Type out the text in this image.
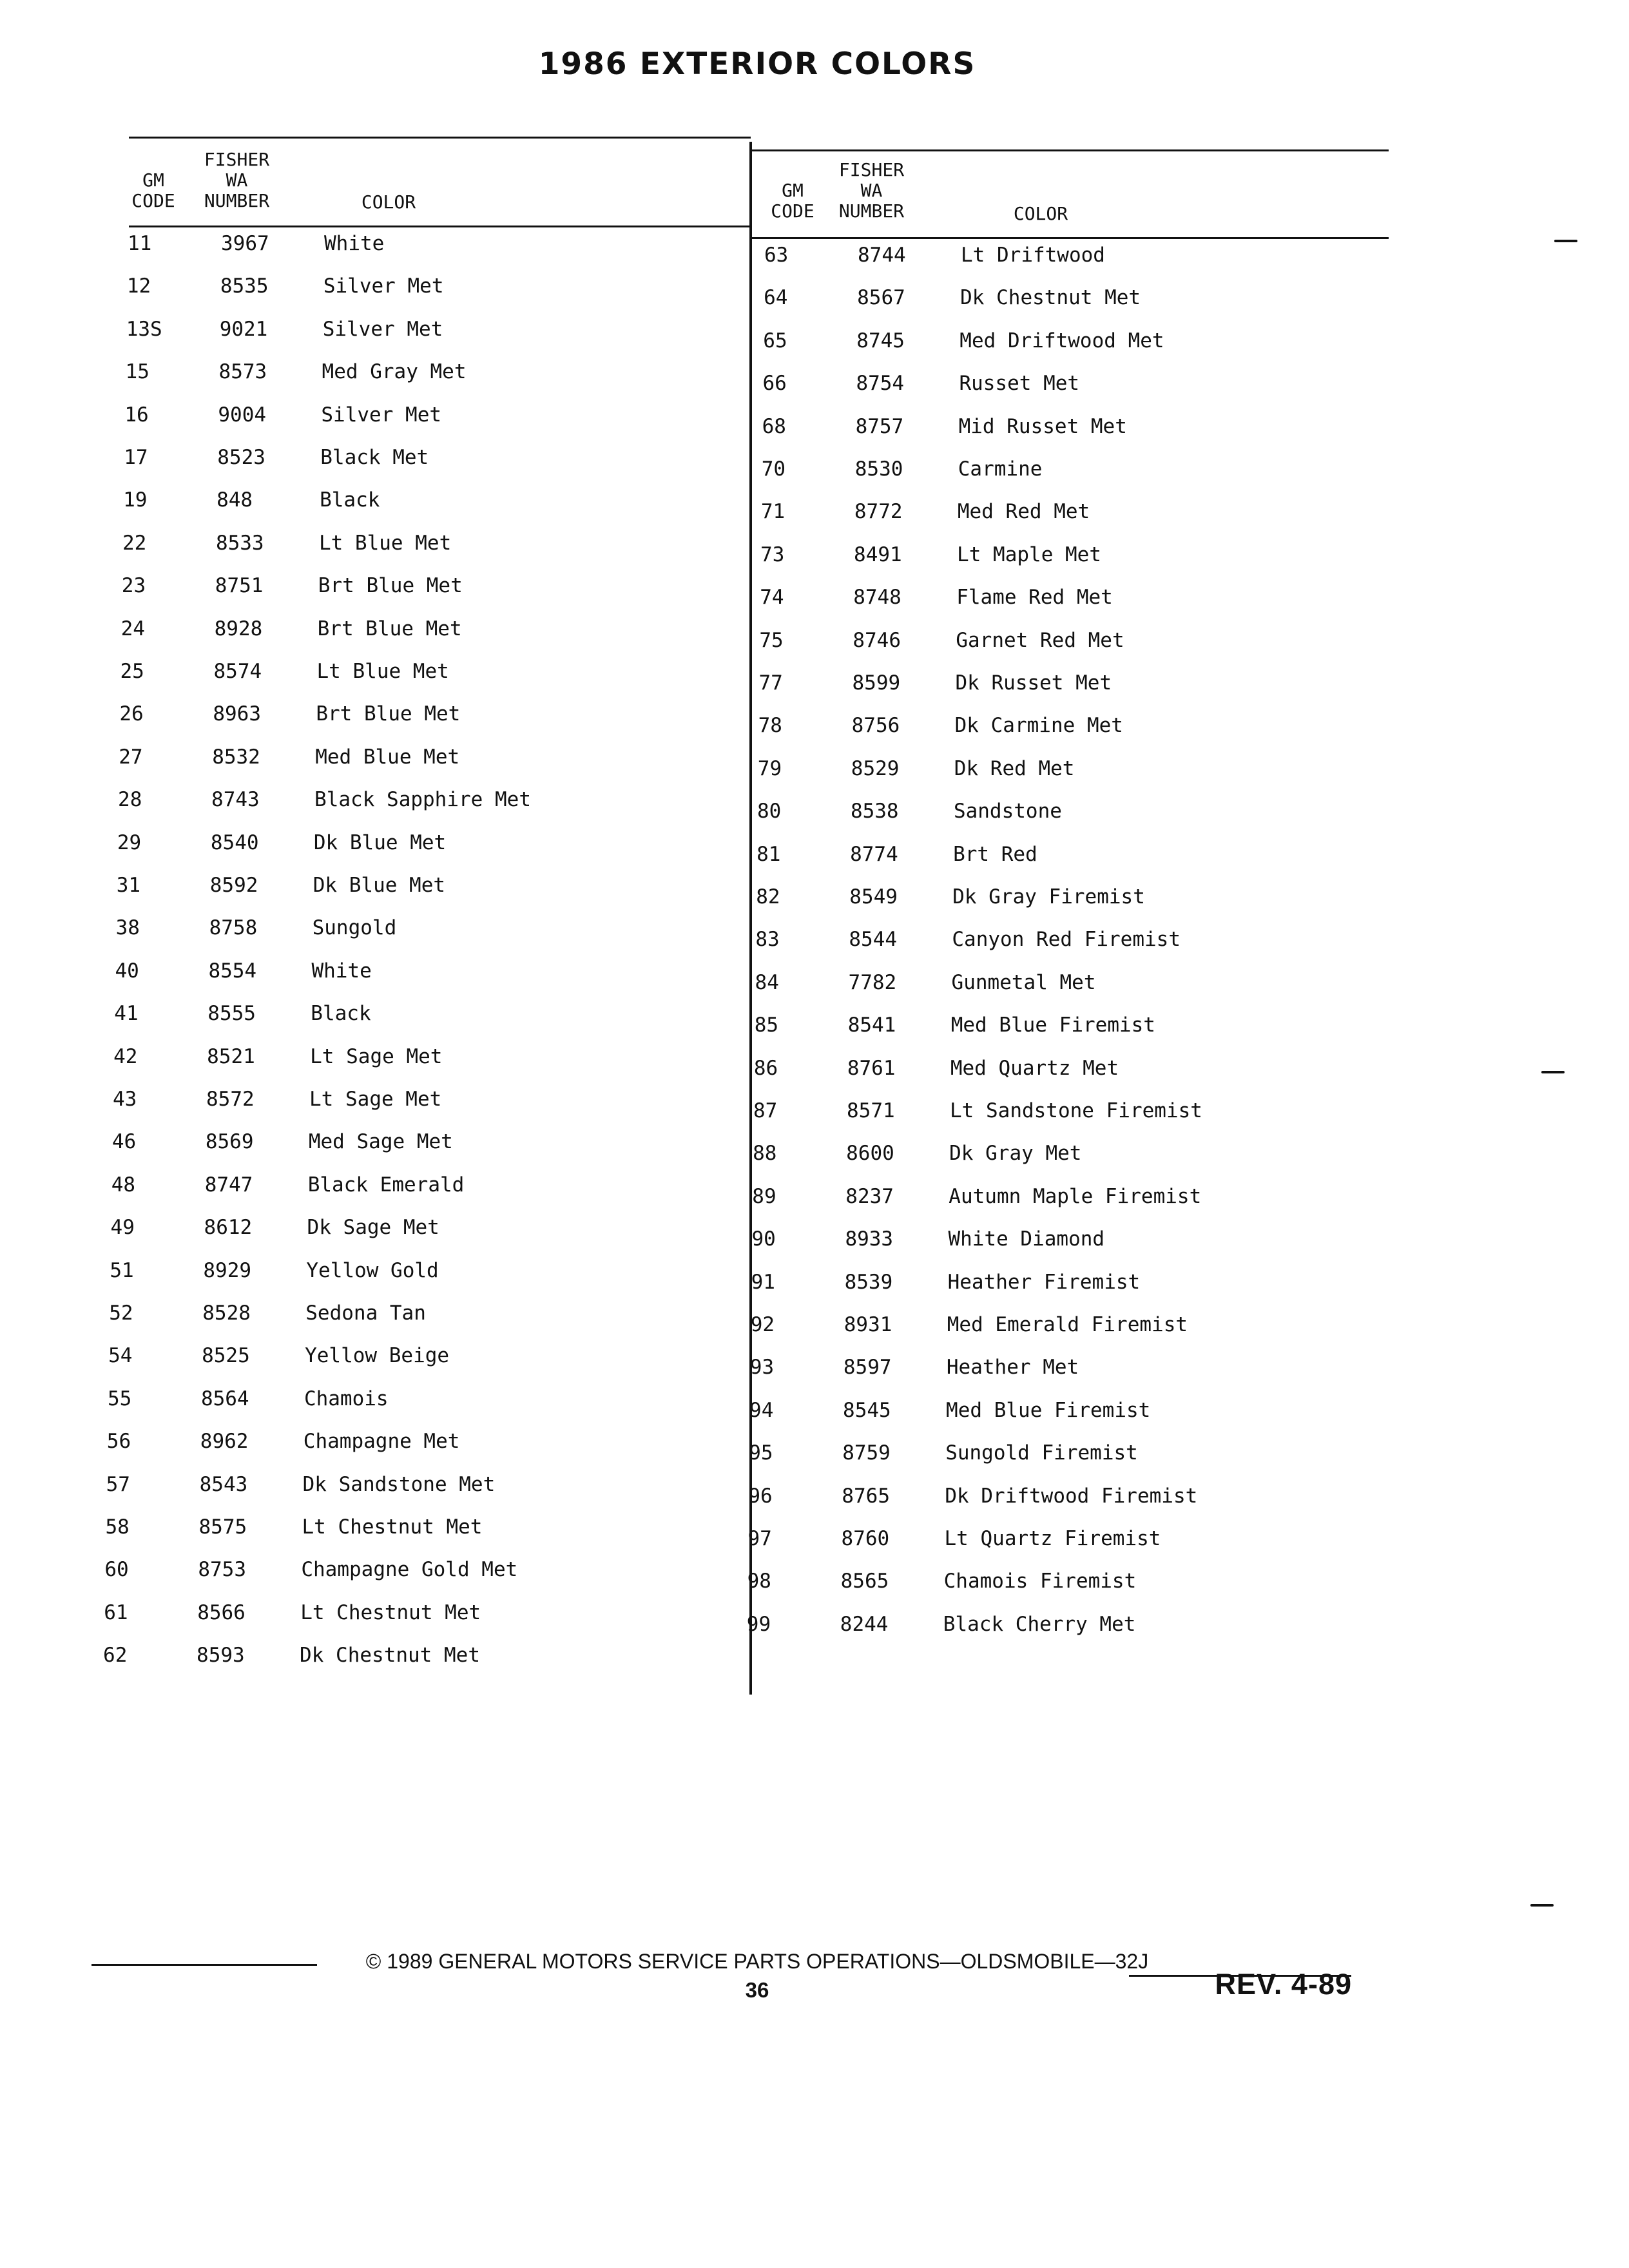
1986 EXTERIOR COLORS
GM
CODE
FISHER
WA
NUMBER	COLOR
GM
CODE
FISHER
WA
NUMBER	COLOR
11	3967	White
12	8535	Silver Met
13S	9021	Silver Met
15	8573	Med Gray Met
16	9004	Silver Met
17	8523	Black Met
19	848	Black
22	8533	Lt Blue Met
23	8751	Brt Blue Met
24	8928	Brt Blue Met
25	8574	Lt Blue Met
26	8963	Brt Blue Met
27	8532	Med Blue Met
28	8743	Black Sapphire Met
29	8540	Dk Blue Met
31	8592	Dk Blue Met
38	8758	Sungold
40	8554	White
41	8555	Black
42	8521	Lt Sage Met
43	8572	Lt Sage Met
46	8569	Med Sage Met
48	8747	Black Emerald
49	8612	Dk Sage Met
51	8929	Yellow Gold
52	8528	Sedona Tan
54	8525	Yellow Beige
55	8564	Chamois
56	8962	Champagne Met
57	8543	Dk Sandstone Met
58	8575	Lt Chestnut Met
60	8753	Champagne Gold Met
61	8566	Lt Chestnut Met
62	8593	Dk Chestnut Met
63	8744	Lt Driftwood
64	8567	Dk Chestnut Met
65	8745	Med Driftwood Met
66	8754	Russet Met
68	8757	Mid Russet Met
70	8530	Carmine
71	8772	Med Red Met
73	8491	Lt Maple Met
74	8748	Flame Red Met
75	8746	Garnet Red Met
77	8599	Dk Russet Met
78	8756	Dk Carmine Met
79	8529	Dk Red Met
80	8538	Sandstone
81	8774	Brt Red
82	8549	Dk Gray Firemist
83	8544	Canyon Red Firemist
84	7782	Gunmetal Met
85	8541	Med Blue Firemist
86	8761	Med Quartz Met
87	8571	Lt Sandstone Firemist
88	8600	Dk Gray Met
89	8237	Autumn Maple Firemist
90	8933	White Diamond
91	8539	Heather Firemist
92	8931	Med Emerald Firemist
93	8597	Heather Met
94	8545	Med Blue Firemist
95	8759	Sungold Firemist
96	8765	Dk Driftwood Firemist
97	8760	Lt Quartz Firemist
98	8565	Chamois Firemist
99	8244	Black Cherry Met
© 1989 GENERAL MOTORS SERVICE PARTS OPERATIONS—OLDSMOBILE—32J
36	REV. 4-89
